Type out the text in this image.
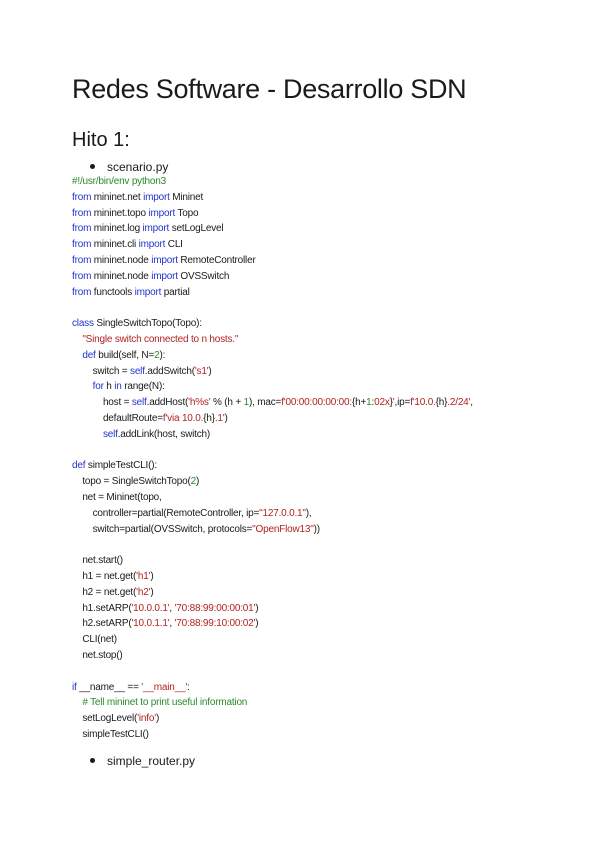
Redes Software - Desarrollo SDN
Hito 1:
scenario.py
#!/usr/bin/env python3
from mininet.net import Mininet
from mininet.topo import Topo
from mininet.log import setLogLevel
from mininet.cli import CLI
from mininet.node import RemoteController
from mininet.node import OVSSwitch
from functools import partial

class SingleSwitchTopo(Topo):
"Single switch connected to n hosts."
def build(self, N=2):
switch = self.addSwitch('s1')
for h in range(N):
host = self.addHost('h%s' % (h + 1), mac=f'00:00:00:00:00:{h+1:02x}',ip=f'10.0.{h}.2/24',
defaultRoute=f'via 10.0.{h}.1')
self.addLink(host, switch)

def simpleTestCLI():
topo = SingleSwitchTopo(2)
net = Mininet(topo,
controller=partial(RemoteController, ip="127.0.0.1"),
switch=partial(OVSSwitch, protocols="OpenFlow13"))

net.start()
h1 = net.get('h1')
h2 = net.get('h2')
h1.setARP('10.0.0.1', '70:88:99:00:00:01')
h2.setARP('10.0.1.1', '70:88:99:10:00:02')
CLI(net)
net.stop()

if __name__ == '__main__':
# Tell mininet to print useful information
setLogLevel('info')
simpleTestCLI()
simple_router.py
